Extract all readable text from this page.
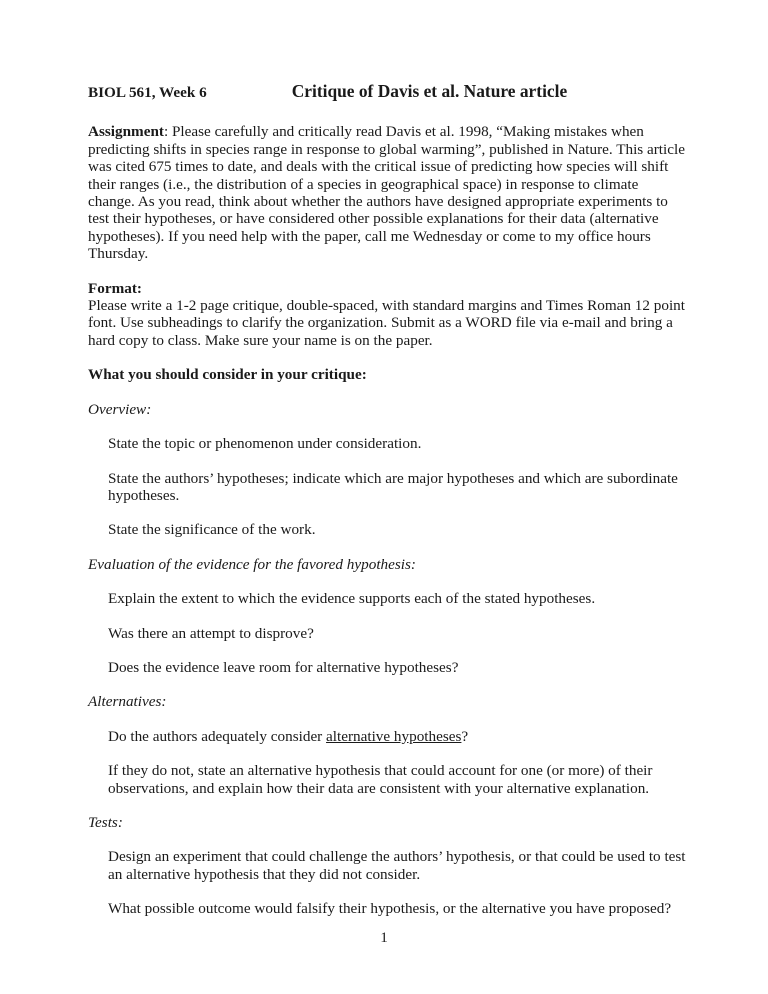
BIOL 561, Week 6	Critique of Davis et al. Nature article

Assignment: Please carefully and critically read Davis et al. 1998, “Making mistakes when predicting shifts in species range in response to global warming”, published in Nature. This article was cited 675 times to date, and deals with the critical issue of predicting how species will shift their ranges (i.e., the distribution of a species in geographical space) in response to climate change. As you read, think about whether the authors have designed appropriate experiments to test their hypotheses, or have considered other possible explanations for their data (alternative hypotheses). If you need help with the paper, call me Wednesday or come to my office hours Thursday.

Format:

Please write a 1-2 page critique, double-spaced, with standard margins and Times Roman 12 point font. Use subheadings to clarify the organization. Submit as a WORD file via e-mail and bring a hard copy to class. Make sure your name is on the paper.

What you should consider in your critique:

Overview:

State the topic or phenomenon under consideration.

State the authors’ hypotheses; indicate which are major hypotheses and which are subordinate hypotheses.

State the significance of the work.

Evaluation of the evidence for the favored hypothesis:

Explain the extent to which the evidence supports each of the stated hypotheses.

Was there an attempt to disprove?

Does the evidence leave room for alternative hypotheses?

Alternatives:

Do the authors adequately consider alternative hypotheses?

If they do not, state an alternative hypothesis that could account for one (or more) of their observations, and explain how their data are consistent with your alternative explanation.

Tests:

Design an experiment that could challenge the authors’ hypothesis, or that could be used to test an alternative hypothesis that they did not consider.

What possible outcome would falsify their hypothesis, or the alternative you have proposed?

1
